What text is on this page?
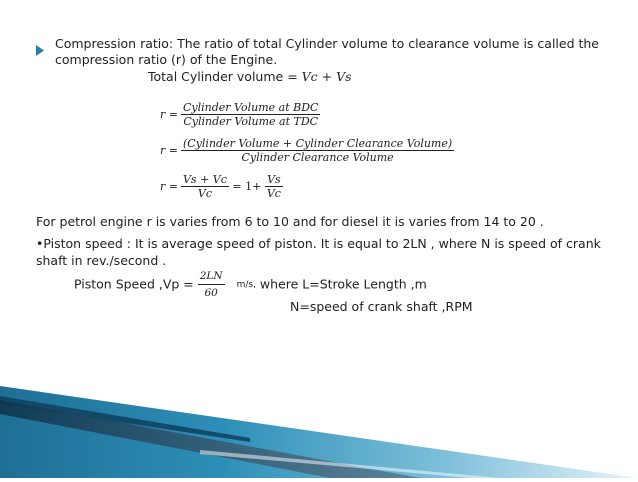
Compression ratio: The ratio of total Cylinder volume to clearance volume is called the compression ratio (r) of the Engine.
Total Cylinder volume = Vc + Vs
$r = \frac{\text{Cylinder Volume at BDC}}{\text{Cylinder Volume at TDC}}$
$r = \frac{\text{(Cylinder Volume + Cylinder Clearance Volume)}}{\text{Cylinder Clearance Volume}}$
$r = \frac{Vs + Vc}{Vc} = 1+ \frac{Vs}{Vc}$
For petrol engine r is varies from 6 to 10 and for diesel it is varies from 14 to 20 .
•Piston speed : It is average speed of piston. It is equal to 2LN , where N is speed of crank
shaft in rev./second .
Piston Speed $,Vp = \frac{2LN}{60} m/s$, where L=Stroke Length ,m
N=speed of crank shaft ,RPM
